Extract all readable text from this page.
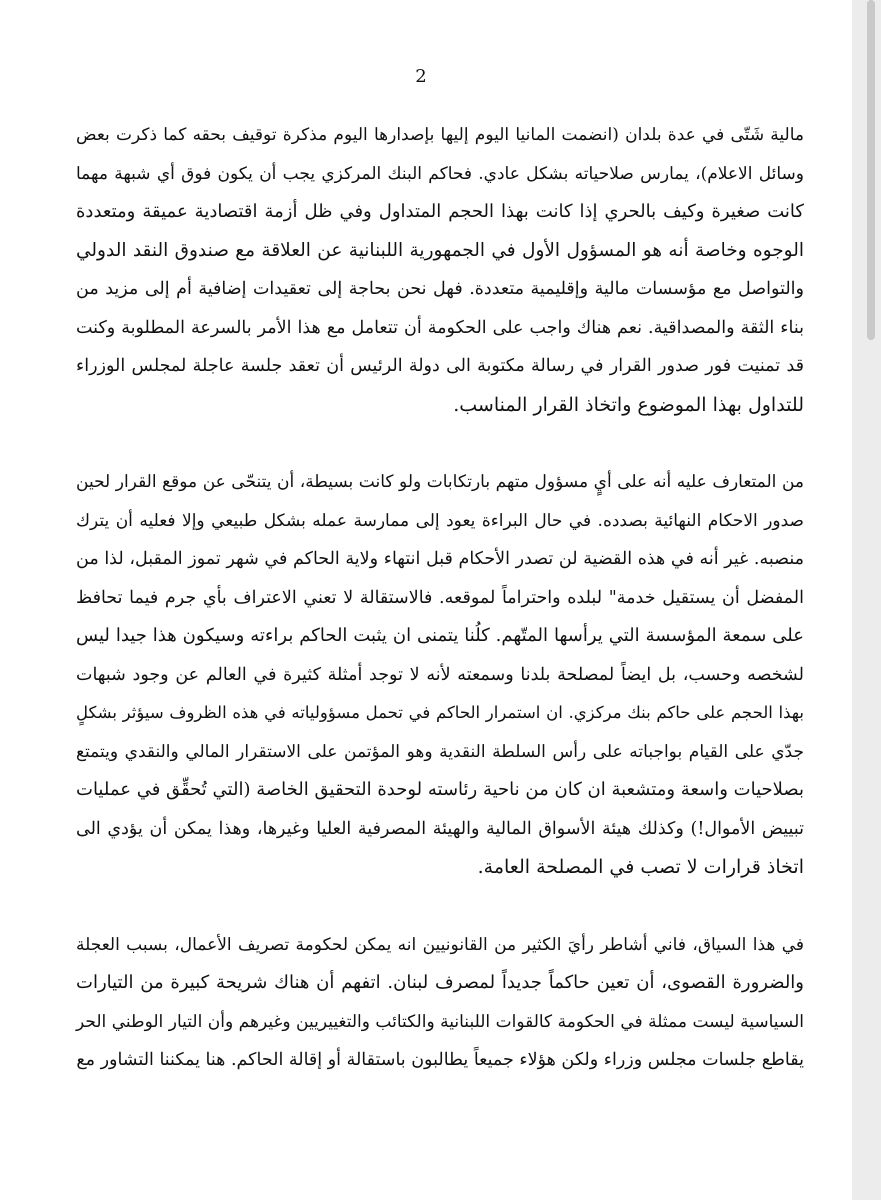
2
مالية شَتّى في عدة بلدان (انضمت المانيا اليوم إليها بإصدارها اليوم مذكرة توقيف بحقه كما ذكرت بعض
وسائل الاعلام)، يمارس صلاحياته بشكل عادي. فحاكم البنك المركزي يجب أن يكون فوق أي شبهة مهما
كانت صغيرة وكيف بالحري إذا كانت بهذا الحجم المتداول وفي ظل أزمة اقتصادية عميقة ومتعددة
الوجوه وخاصة أنه هو المسؤول الأول في الجمهورية اللبنانية عن العلاقة مع صندوق النقد الدولي
والتواصل مع مؤسسات مالية وإقليمية متعددة. فهل نحن بحاجة إلى تعقيدات إضافية أم إلى مزيد من
بناء الثقة والمصداقية. نعم هناك واجب على الحكومة أن تتعامل مع هذا الأمر بالسرعة المطلوبة وكنت
قد تمنيت فور صدور القرار في رسالة مكتوبة الى دولة الرئيس أن تعقد جلسة عاجلة لمجلس الوزراء
للتداول بهذا الموضوع واتخاذ القرار المناسب.
من المتعارف عليه أنه على أيٍ مسؤول متهم بارتكابات ولو كانت بسيطة، أن يتنحّى عن موقع القرار لحين
صدور الاحكام النهائية بصدده. في حال البراءة يعود إلى ممارسة عمله بشكل طبيعي وإلا فعليه أن يترك
منصبه. غير أنه في هذه القضية لن تصدر الأحكام قبل انتهاء ولاية الحاكم في شهر تموز المقبل، لذا من
المفضل أن يستقيل خدمة" لبلده واحتراماً لموقعه. فالاستقالة لا تعني الاعتراف بأي جرم فيما تحافظ
على سمعة المؤسسة التي يرأسها المتّهم. كلُنا يتمنى ان يثبت الحاكم براءته وسيكون هذا جيدا ليس
لشخصه وحسب، بل ايضاً لمصلحة بلدنا وسمعته لأنه لا توجد أمثلة كثيرة في العالم عن وجود شبهات
بهذا الحجم على حاكم بنك مركزي. ان استمرار الحاكم في تحمل مسؤولياته في هذه الظروف سيؤثر بشكلٍ
جدّي على القيام بواجباته على رأس السلطة النقدية وهو المؤتمن على الاستقرار المالي والنقدي ويتمتع
بصلاحيات واسعة ومتشعبة ان كان من ناحية رئاسته لوحدة التحقيق الخاصة (التي تُحقِّق في عمليات
تبييض الأموال!) وكذلك هيئة الأسواق المالية والهيئة المصرفية العليا وغيرها، وهذا يمكن أن يؤدي الى
اتخاذ قرارات لا تصب في المصلحة العامة.
في هذا السياق، فاني أشاطر رأيَ الكثير من القانونيين انه يمكن لحكومة تصريف الأعمال، بسبب العجلة
والضرورة القصوى، أن تعين حاكماً جديداً لمصرف لبنان. اتفهم أن هناك شريحة كبيرة من التيارات
السياسية ليست ممثلة في الحكومة كالقوات اللبنانية والكتائب والتغييريين وغيرهم وأن التيار الوطني الحر
يقاطع جلسات مجلس وزراء ولكن هؤلاء جميعاً يطالبون باستقالة أو إقالة الحاكم. هنا يمكننا التشاور مع
